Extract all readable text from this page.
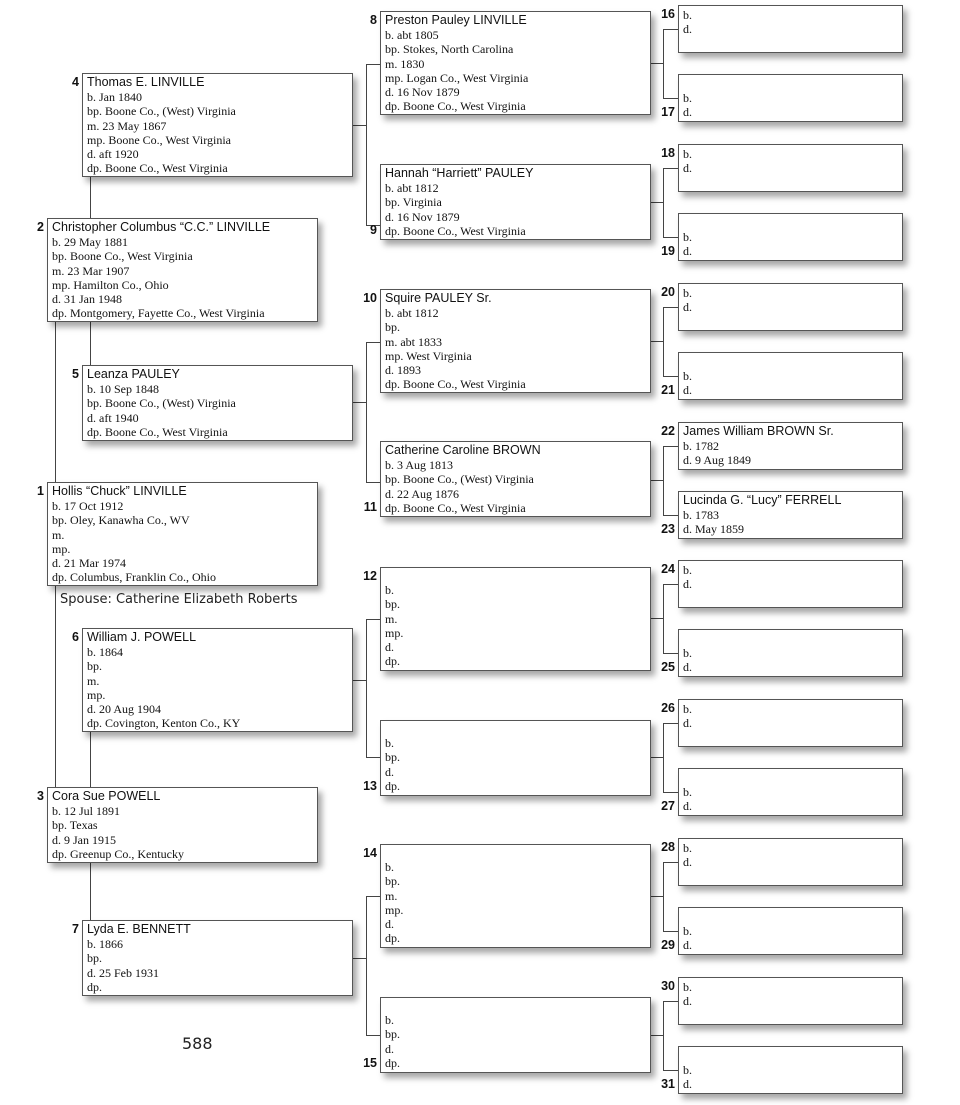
Hollis “Chuck” LINVILLE
b. 17 Oct 1912
bp. Oley, Kanawha Co., WV
m.
mp.
d. 21 Mar 1974
dp. Columbus, Franklin Co., Ohio
1
Christopher Columbus “C.C.” LINVILLE
b. 29 May 1881
bp. Boone Co., West Virginia
m. 23 Mar 1907
mp. Hamilton Co., Ohio
d. 31 Jan 1948
dp. Montgomery, Fayette Co., West Virginia
2
Cora Sue POWELL
b. 12 Jul 1891
bp. Texas
d. 9 Jan 1915
dp. Greenup Co., Kentucky
3
Thomas E. LINVILLE
b. Jan 1840
bp. Boone Co., (West) Virginia
m. 23 May 1867
mp. Boone Co., West Virginia
d. aft 1920
dp. Boone Co., West Virginia
4
Leanza PAULEY
b. 10 Sep 1848
bp. Boone Co., (West) Virginia
d. aft 1940
dp. Boone Co., West Virginia
5
William J. POWELL
b. 1864
bp.
m.
mp.
d. 20 Aug 1904
dp. Covington, Kenton Co., KY
6
Lyda E. BENNETT
b. 1866
bp.
d. 25 Feb 1931
dp.
7
Preston Pauley LINVILLE
b. abt 1805
bp. Stokes, North Carolina
m. 1830
mp. Logan Co., West Virginia
d. 16 Nov 1879
dp. Boone Co., West Virginia
8
Hannah “Harriett” PAULEY
b. abt 1812
bp. Virginia
d. 16 Nov 1879
dp. Boone Co., West Virginia
9
Squire PAULEY Sr.
b. abt 1812
bp.
m. abt 1833
mp. West Virginia
d. 1893
dp. Boone Co., West Virginia
10
Catherine Caroline BROWN
b. 3 Aug 1813
bp. Boone Co., (West) Virginia
d. 22 Aug 1876
dp. Boone Co., West Virginia
11
b.
bp.
m.
mp.
d.
dp.
12
b.
bp.
d.
dp.
13
b.
bp.
m.
mp.
d.
dp.
14
b.
bp.
d.
dp.
15
b.
d.
16
b.
d.
17
b.
d.
18
b.
d.
19
b.
d.
20
b.
d.
21
James William BROWN Sr.
b. 1782
d. 9 Aug 1849
22
Lucinda G. “Lucy” FERRELL
b. 1783
d. May 1859
23
b.
d.
24
b.
d.
25
b.
d.
26
b.
d.
27
b.
d.
28
b.
d.
29
b.
d.
30
b.
d.
31
Spouse: Catherine Elizabeth Roberts
588
